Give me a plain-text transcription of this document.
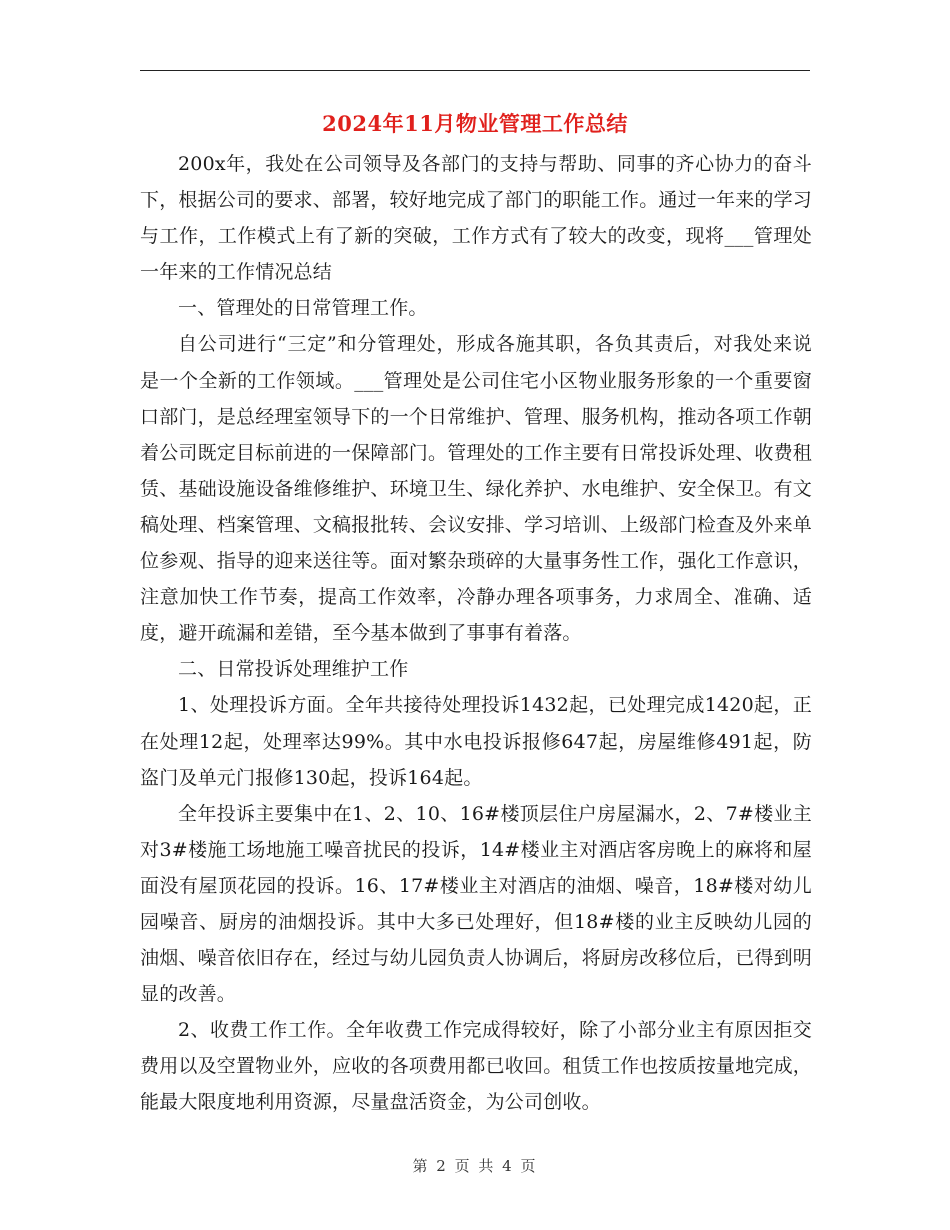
2024年11月物业管理工作总结

200x年，我处在公司领导及各部门的支持与帮助、同事的齐心协力的奋斗下，根据公司的要求、部署，较好地完成了部门的职能工作。通过一年来的学习与工作，工作模式上有了新的突破，工作方式有了较大的改变，现将___管理处一年来的工作情况总结

一、管理处的日常管理工作。

自公司进行“三定”和分管理处，形成各施其职，各负其责后，对我处来说是一个全新的工作领域。___管理处是公司住宅小区物业服务形象的一个重要窗口部门，是总经理室领导下的一个日常维护、管理、服务机构，推动各项工作朝着公司既定目标前进的一保障部门。管理处的工作主要有日常投诉处理、收费租赁、基础设施设备维修维护、环境卫生、绿化养护、水电维护、安全保卫。有文稿处理、档案管理、文稿报批转、会议安排、学习培训、上级部门检查及外来单位参观、指导的迎来送往等。面对繁杂琐碎的大量事务性工作，强化工作意识，注意加快工作节奏，提高工作效率，冷静办理各项事务，力求周全、准确、适度，避开疏漏和差错，至今基本做到了事事有着落。

二、日常投诉处理维护工作

1、处理投诉方面。全年共接待处理投诉1432起，已处理完成1420起，正在处理12起，处理率达99%。其中水电投诉报修647起，房屋维修491起，防盗门及单元门报修130起，投诉164起。

全年投诉主要集中在1、2、10、16#楼顶层住户房屋漏水，2、7#楼业主对3#楼施工场地施工噪音扰民的投诉，14#楼业主对酒店客房晚上的麻将和屋面没有屋顶花园的投诉。16、17#楼业主对酒店的油烟、噪音，18#楼对幼儿园噪音、厨房的油烟投诉。其中大多已处理好，但18#楼的业主反映幼儿园的油烟、噪音依旧存在，经过与幼儿园负责人协调后，将厨房改移位后，已得到明显的改善。

2、收费工作工作。全年收费工作完成得较好，除了小部分业主有原因拒交费用以及空置物业外，应收的各项费用都已收回。租赁工作也按质按量地完成，能最大限度地利用资源，尽量盘活资金，为公司创收。

第 2 页 共 4 页
